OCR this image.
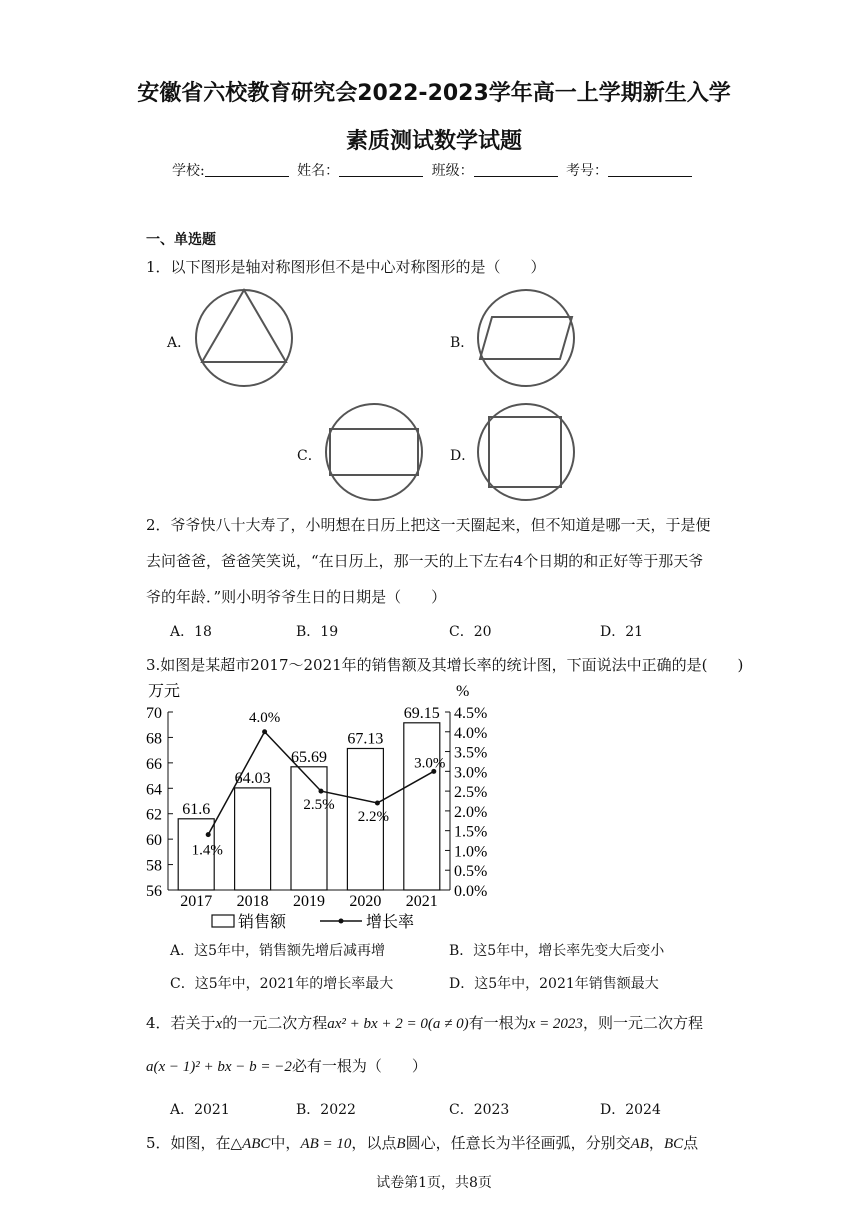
安徽省六校教育研究会2022-2023学年高一上学期新生入学
素质测试数学试题
学校:	姓名：	班级：	考号：
一、单选题
1．以下图形是轴对称图形但不是中心对称图形的是（　　）
A．	B．
C．	D．
2．爷爷快八十大寿了，小明想在日历上把这一天圈起来，但不知道是哪一天，于是便
去问爸爸，爸爸笑笑说，“在日历上，那一天的上下左右4个日期的和正好等于那天爷
爷的年龄．”则小明爷爷生日的日期是（　　）
A．18	B．19	C．20	D．21
3.如图是某超市2017～2021年的销售额及其增长率的统计图，下面说法中正确的是(　　)
万元	%
56
58
60
62
64
66
68
70
0.0%
0.5%
1.0%
1.5%
2.0%
2.5%
3.0%
3.5%
4.0%
4.5%
61.6
64.03
65.69
67.13
69.15
2017 2018 2019 2020 2021
1.4%
4.0%
2.5%
2.2%
3.0%
销售额	增长率
A．这5年中，销售额先增后减再增	B．这5年中，增长率先变大后变小
C．这5年中，2021年的增长率最大	D．这5年中，2021年销售额最大
4．若关于x的一元二次方程ax² + bx + 2 = 0(a ≠ 0)有一根为x = 2023，则一元二次方程
a(x − 1)² + bx − b = −2必有一根为（　　）
A．2021	B．2022	C．2023	D．2024
5．如图，在△ABC中，AB = 10，以点B圆心，任意长为半径画弧，分别交AB，BC点
试卷第1页，共8页
